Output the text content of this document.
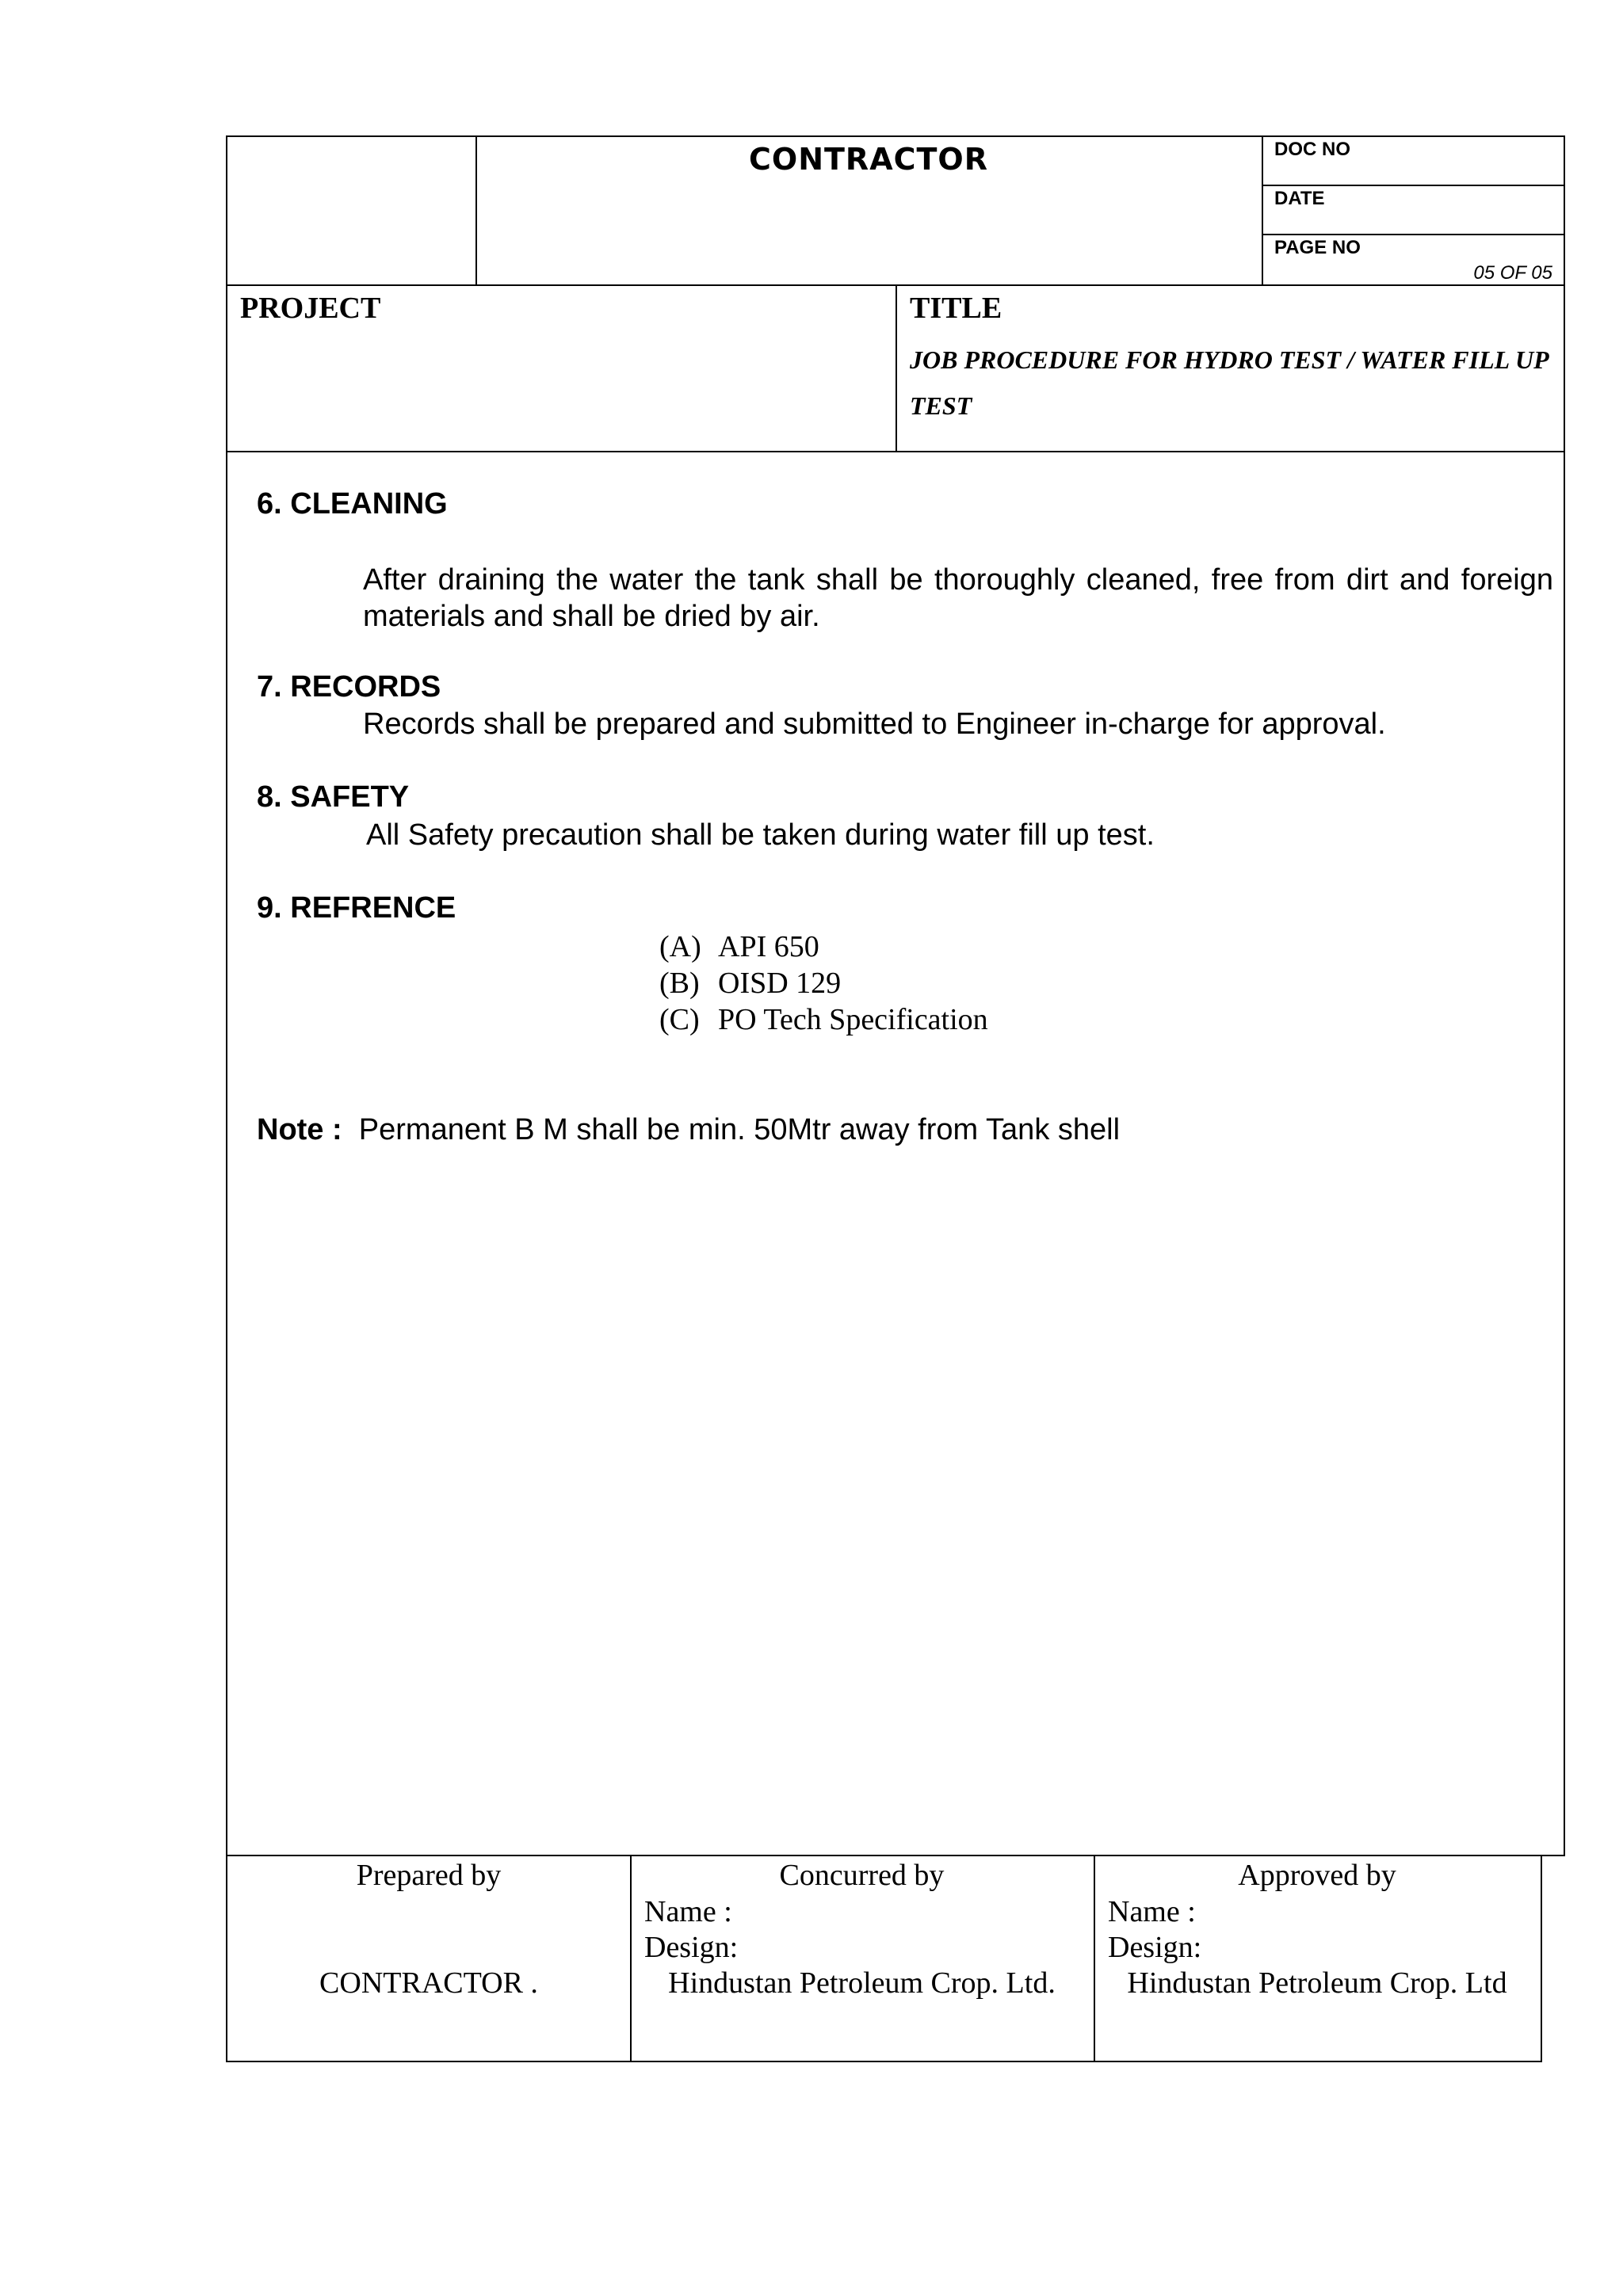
CONTRACTOR	DOC NO
DATE
PAGE NO
05 OF 05
PROJECT	TITLE
JOB PROCEDURE FOR HYDRO TEST / WATER FILL UP TEST
6. CLEANING
After draining the water the tank shall be thoroughly cleaned, free from dirt and foreign materials and shall be dried by air.
7. RECORDS
Records shall be prepared and submitted to Engineer in-charge for approval.
8. SAFETY
All Safety precaution shall be taken during water fill up test.
9. REFRENCE
(A) API 650
(B) OISD 129
(C) PO Tech Specification
Note : Permanent B M shall be min. 50Mtr away from Tank shell
Prepared by
CONTRACTOR .
Concurred by
Name :
Design:
Hindustan Petroleum Crop. Ltd.
Approved by
Name :
Design:
Hindustan Petroleum Crop. Ltd
